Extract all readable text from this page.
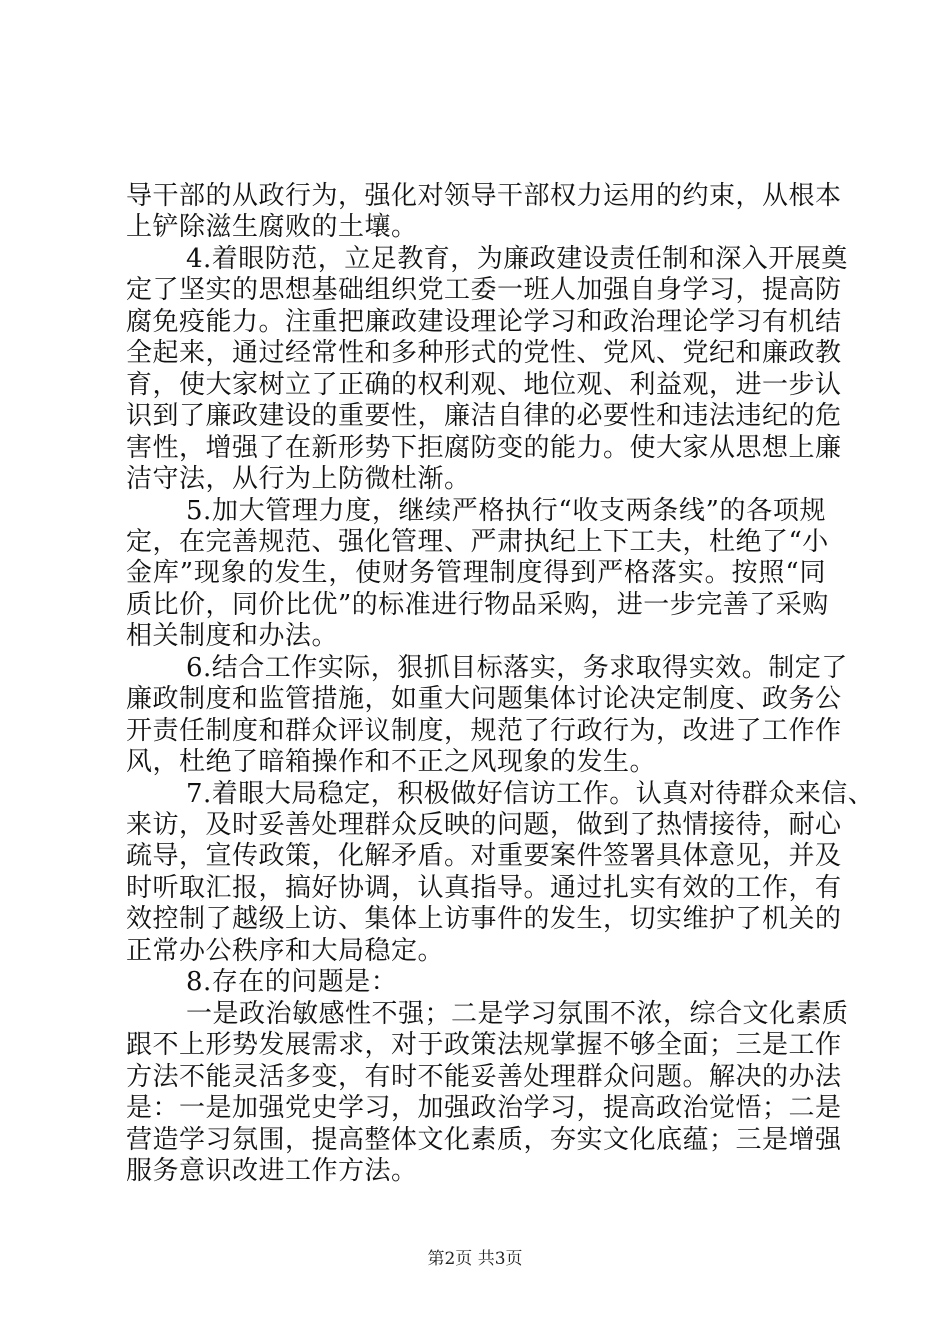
导干部的从政行为，强化对领导干部权力运用的约束，从根本
上铲除滋生腐败的土壤。
4.着眼防范，立足教育，为廉政建设责任制和深入开展奠
定了坚实的思想基础组织党工委一班人加强自身学习，提高防
腐免疫能力。注重把廉政建设理论学习和政治理论学习有机结
全起来，通过经常性和多种形式的党性、党风、党纪和廉政教
育，使大家树立了正确的权利观、地位观、利益观，进一步认
识到了廉政建设的重要性，廉洁自律的必要性和违法违纪的危
害性，增强了在新形势下拒腐防变的能力。使大家从思想上廉
洁守法，从行为上防微杜渐。
5.加大管理力度，继续严格执行“收支两条线”的各项规
定，在完善规范、强化管理、严肃执纪上下工夫，杜绝了“小
金库”现象的发生，使财务管理制度得到严格落实。按照“同
质比价，同价比优”的标准进行物品采购，进一步完善了采购
相关制度和办法。
6.结合工作实际，狠抓目标落实，务求取得实效。制定了
廉政制度和监管措施，如重大问题集体讨论决定制度、政务公
开责任制度和群众评议制度，规范了行政行为，改进了工作作
风，杜绝了暗箱操作和不正之风现象的发生。
7.着眼大局稳定，积极做好信访工作。认真对待群众来信、
来访，及时妥善处理群众反映的问题，做到了热情接待，耐心
疏导，宣传政策，化解矛盾。对重要案件签署具体意见，并及
时听取汇报，搞好协调，认真指导。通过扎实有效的工作，有
效控制了越级上访、集体上访事件的发生，切实维护了机关的
正常办公秩序和大局稳定。
8.存在的问题是：
一是政治敏感性不强；二是学习氛围不浓，综合文化素质
跟不上形势发展需求，对于政策法规掌握不够全面；三是工作
方法不能灵活多变，有时不能妥善处理群众问题。解决的办法
是：一是加强党史学习，加强政治学习，提高政治觉悟；二是
营造学习氛围，提高整体文化素质，夯实文化底蕴；三是增强
服务意识改进工作方法。
第2页 共3页
